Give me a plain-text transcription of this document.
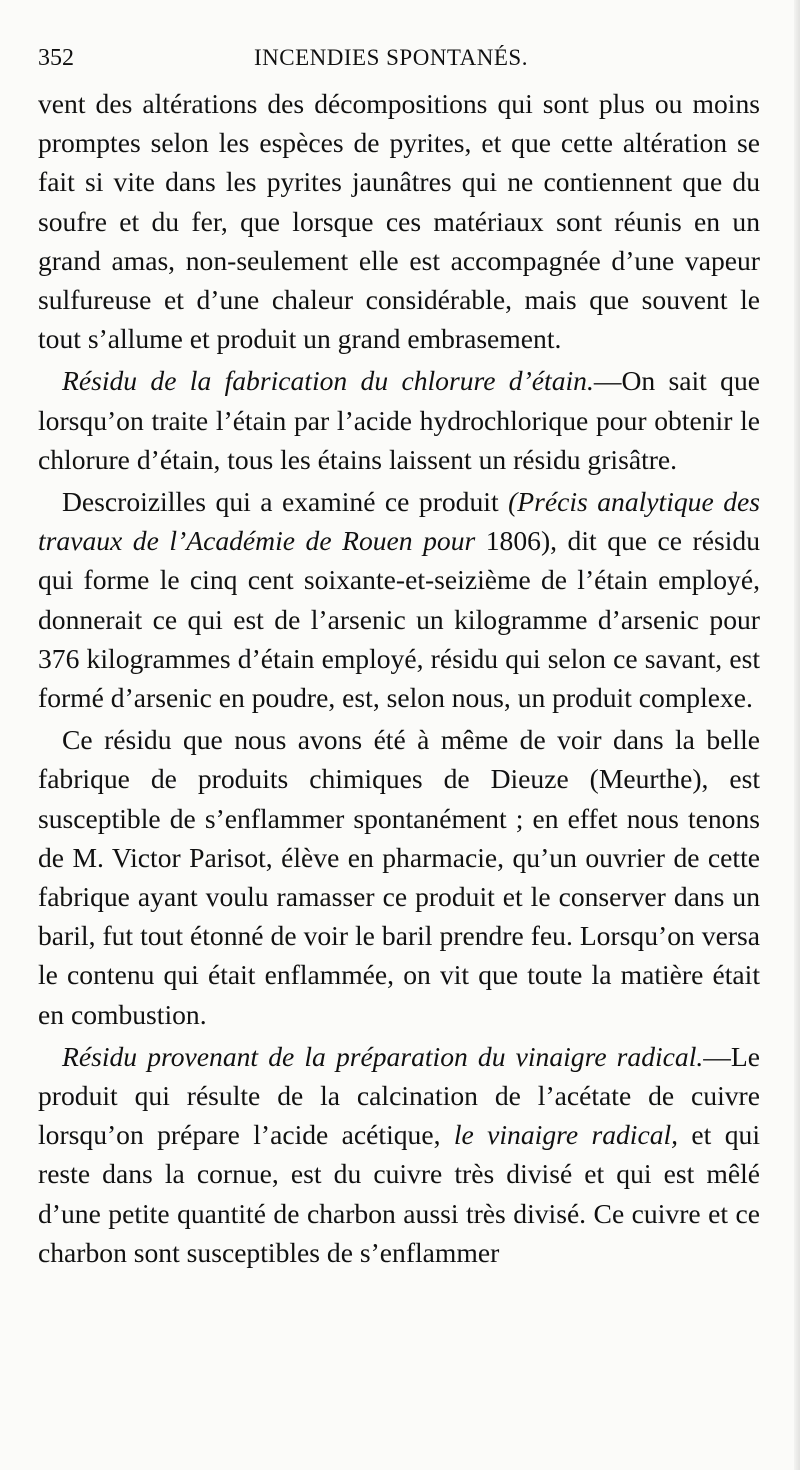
352	INCENDIES SPONTANÉS.

vent des altérations des décompositions qui sont plus ou moins promptes selon les espèces de pyrites, et que cette altération se fait si vite dans les pyrites jaunâtres qui ne contiennent que du soufre et du fer, que lorsque ces matériaux sont réunis en un grand amas, non-seulement elle est accompagnée d’une vapeur sulfureuse et d’une chaleur considérable, mais que souvent le tout s’allume et produit un grand embrasement.

Résidu de la fabrication du chlorure d’étain.—On sait que lorsqu’on traite l’étain par l’acide hydrochlorique pour obtenir le chlorure d’étain, tous les étains laissent un résidu grisâtre.

Descroizilles qui a examiné ce produit (Précis analytique des travaux de l’Académie de Rouen pour 1806), dit que ce résidu qui forme le cinq cent soixante-et-seizième de l’étain employé, donnerait ce qui est de l’arsenic un kilogramme d’arsenic pour 376 kilogrammes d’étain employé, résidu qui selon ce savant, est formé d’arsenic en poudre, est, selon nous, un produit complexe.

Ce résidu que nous avons été à même de voir dans la belle fabrique de produits chimiques de Dieuze (Meurthe), est susceptible de s’enflammer spontanément ; en effet nous tenons de M. Victor Parisot, élève en pharmacie, qu’un ouvrier de cette fabrique ayant voulu ramasser ce produit et le conserver dans un baril, fut tout étonné de voir le baril prendre feu. Lorsqu’on versa le contenu qui était enflammée, on vit que toute la matière était en combustion.

Résidu provenant de la préparation du vinaigre radical.—Le produit qui résulte de la calcination de l’acétate de cuivre lorsqu’on prépare l’acide acétique, le vinaigre radical, et qui reste dans la cornue, est du cuivre très divisé et qui est mêlé d’une petite quantité de charbon aussi très divisé. Ce cuivre et ce charbon sont susceptibles de s’enflammer
